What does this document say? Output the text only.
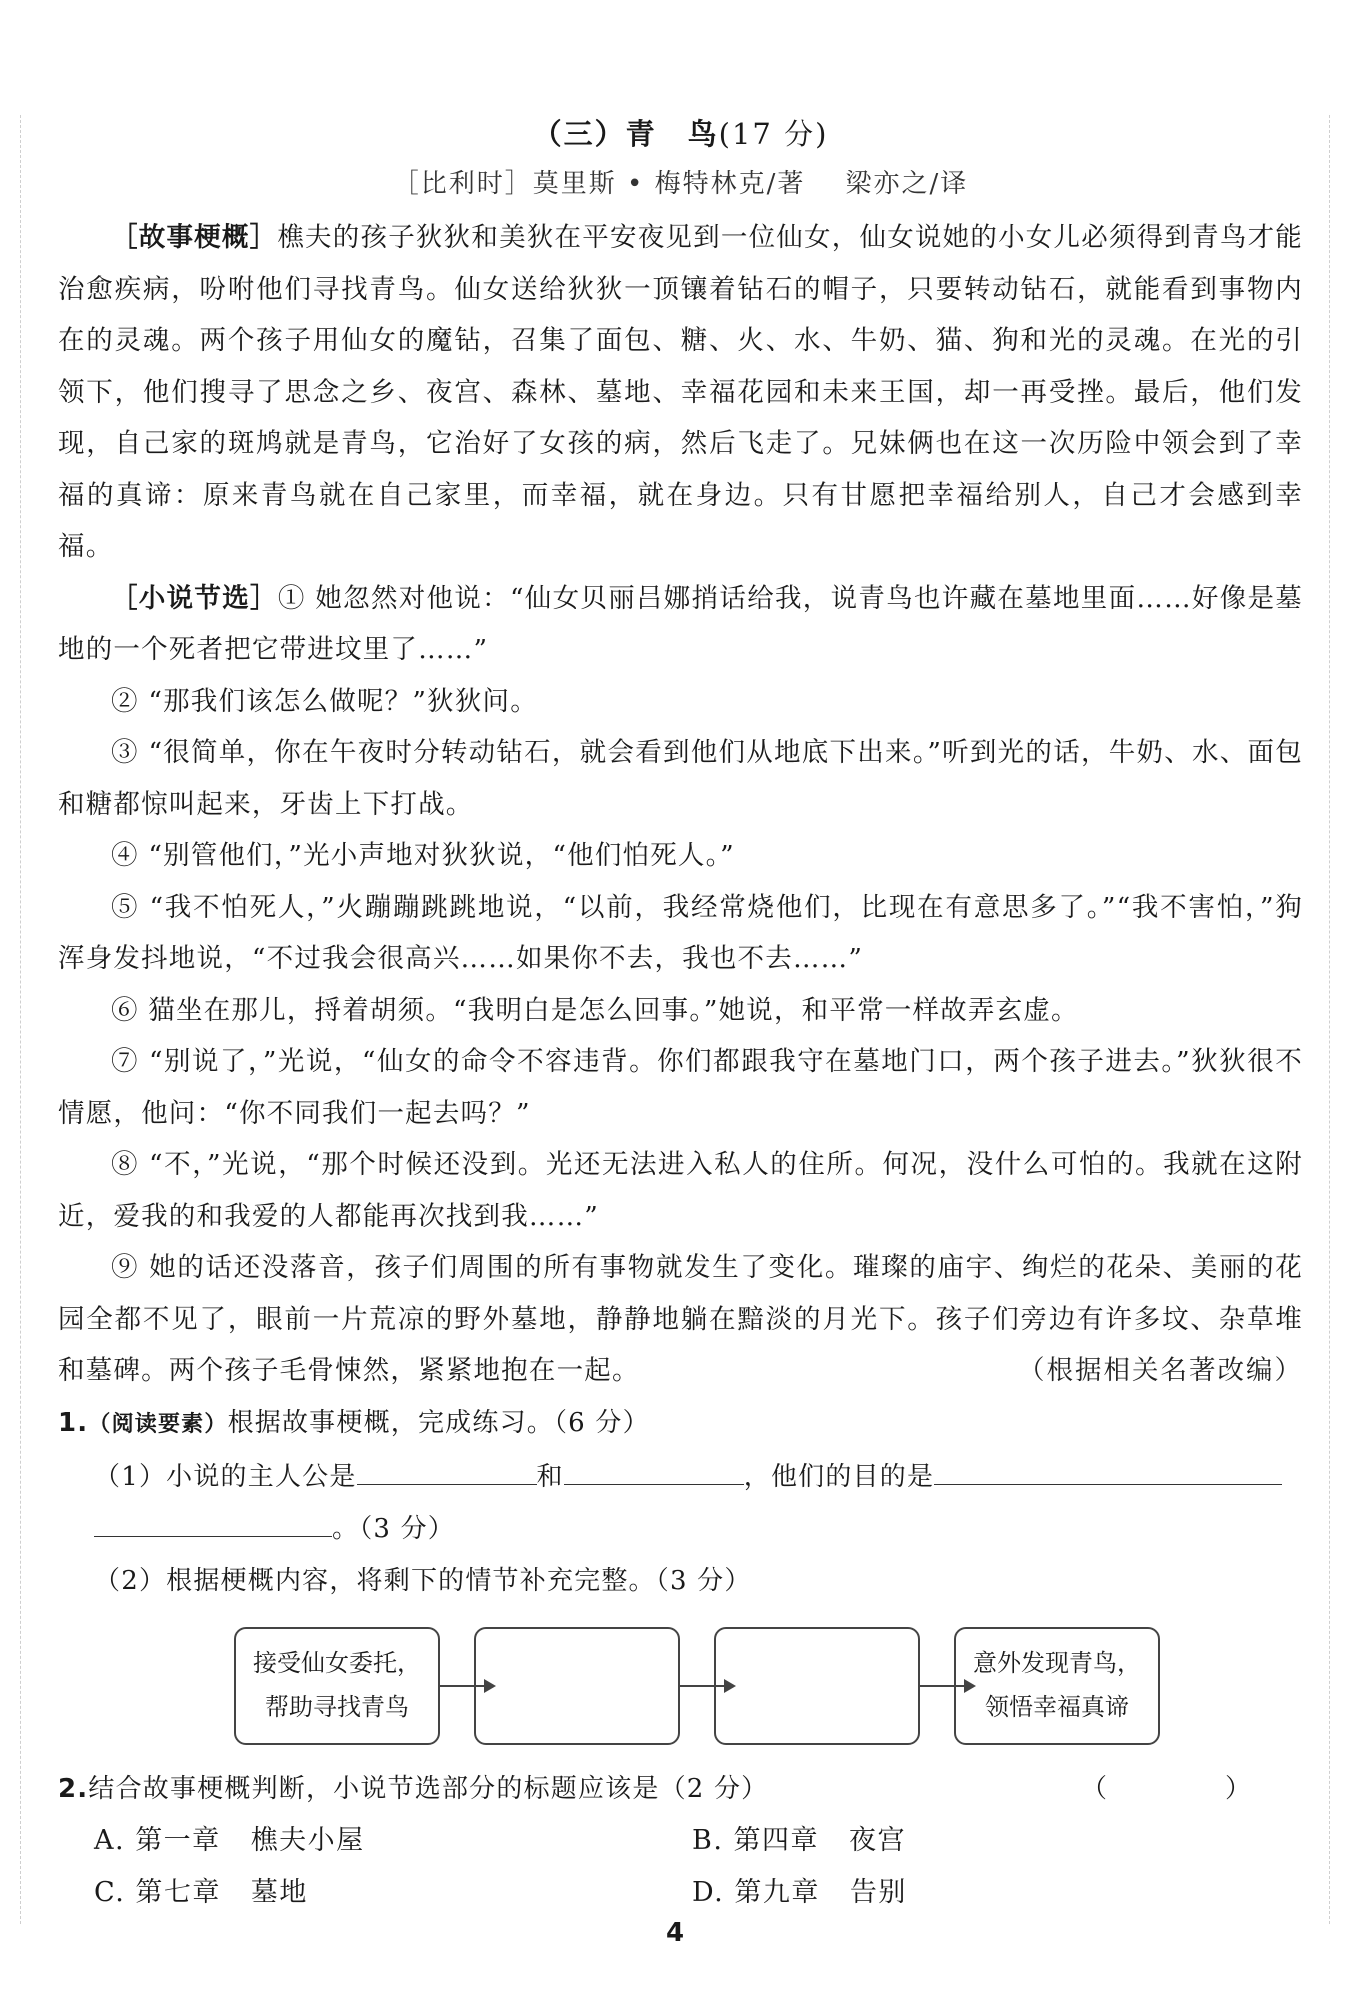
（三）青　鸟(17 分)

［比利时］莫里斯 • 梅特林克/著 梁亦之/译

［故事梗概］樵夫的孩子狄狄和美狄在平安夜见到一位仙女，仙女说她的小女儿必须得到青鸟才能治愈疾病，吩咐他们寻找青鸟。仙女送给狄狄一顶镶着钻石的帽子，只要转动钻石，就能看到事物内在的灵魂。两个孩子用仙女的魔钻，召集了面包、糖、火、水、牛奶、猫、狗和光的灵魂。在光的引领下，他们搜寻了思念之乡、夜宫、森林、墓地、幸福花园和未来王国，却一再受挫。最后，他们发现，自己家的斑鸠就是青鸟，它治好了女孩的病，然后飞走了。兄妹俩也在这一次历险中领会到了幸福的真谛：原来青鸟就在自己家里，而幸福，就在身边。只有甘愿把幸福给别人，自己才会感到幸福。

［小说节选］① 她忽然对他说：“仙女贝丽吕娜捎话给我，说青鸟也许藏在墓地里面……好像是墓地的一个死者把它带进坟里了……”

② “那我们该怎么做呢？”狄狄问。

③ “很简单，你在午夜时分转动钻石，就会看到他们从地底下出来。”听到光的话，牛奶、水、面包和糖都惊叫起来，牙齿上下打战。

④ “别管他们，”光小声地对狄狄说，“他们怕死人。”

⑤ “我不怕死人，”火蹦蹦跳跳地说，“以前，我经常烧他们，比现在有意思多了。”“我不害怕，”狗浑身发抖地说，“不过我会很高兴……如果你不去，我也不去……”

⑥ 猫坐在那儿，捋着胡须。“我明白是怎么回事。”她说，和平常一样故弄玄虚。

⑦ “别说了，”光说，“仙女的命令不容违背。你们都跟我守在墓地门口，两个孩子进去。”狄狄很不情愿，他问：“你不同我们一起去吗？”

⑧ “不，”光说，“那个时候还没到。光还无法进入私人的住所。何况，没什么可怕的。我就在这附近，爱我的和我爱的人都能再次找到我……”

⑨ 她的话还没落音，孩子们周围的所有事物就发生了变化。璀璨的庙宇、绚烂的花朵、美丽的花园全都不见了，眼前一片荒凉的野外墓地，静静地躺在黯淡的月光下。孩子们旁边有许多坟、杂草堆和墓碑。两个孩子毛骨悚然，紧紧地抱在一起。	（根据相关名著改编）

1.（阅读要素）根据故事梗概，完成练习。（6 分）

（1）小说的主人公是	和	，他们的目的是

。（3 分）

（2）根据梗概内容，将剩下的情节补充完整。（3 分）

接受仙女委托，
帮助寻找青鸟
意外发现青鸟，
领悟幸福真谛

2.结合故事梗概判断，小说节选部分的标题应该是（2 分）	（　）
A. 第一章 樵夫小屋	B. 第四章 夜宫
C. 第七章 墓地	D. 第九章 告别
4
